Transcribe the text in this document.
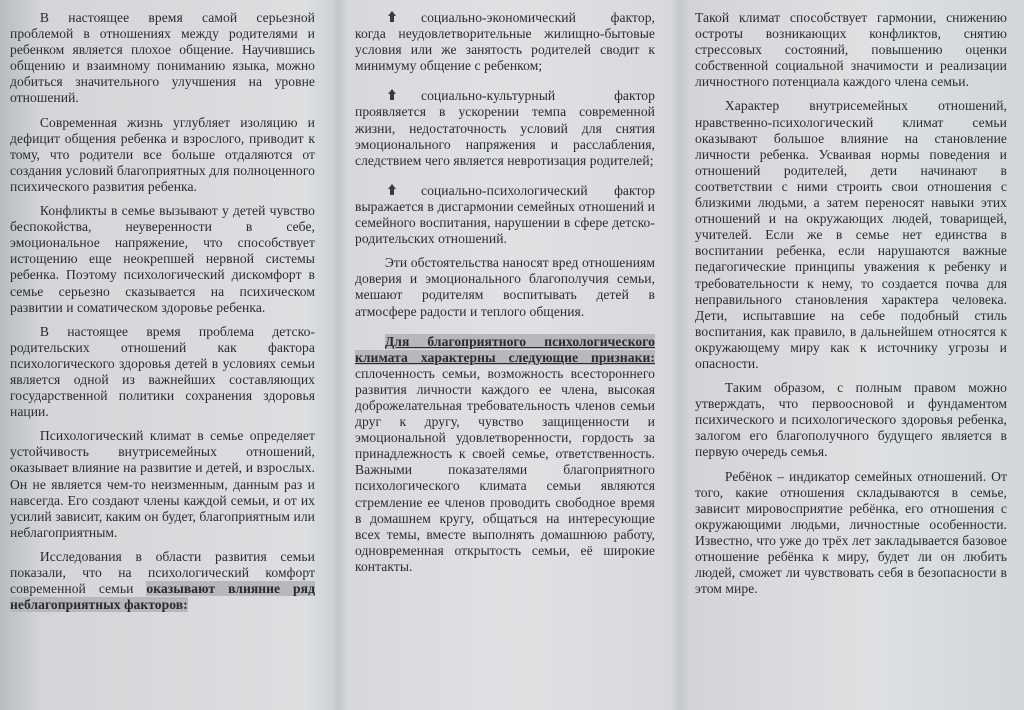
В настоящее время самой серьезной проблемой в отношениях между родителями и ребенком является плохое общение. Научившись общению и взаимному пониманию языка, можно добиться значительного улучшения на уровне отношений.

Современная жизнь углубляет изоляцию и дефицит общения ребенка и взрослого, приводит к тому, что родители все больше отдаляются от создания условий благоприятных для полноценного психического развития ребенка.

Конфликты в семье вызывают у детей чувство беспокойства, неуверенности в себе, эмоциональное напряжение, что способствует истощению еще неокрепшей нервной системы ребенка. Поэтому психологический дискомфорт в семье серьезно сказывается на психическом развитии и соматическом здоровье ребенка.

В настоящее время проблема детско-родительских отношений как фактора психологического здоровья детей в условиях семьи является одной из важнейших составляющих государственной политики сохранения здоровья нации.

Психологический климат в семье определяет устойчивость внутрисемейных отношений, оказывает влияние на развитие и детей, и взрослых. Он не является чем-то неизменным, данным раз и навсегда. Его создают члены каждой семьи, и от их усилий зависит, каким он будет, благоприятным или неблагоприятным.

Исследования в области развития семьи показали, что на психологический комфорт современной семьи оказывают влияние ряд неблагоприятных факторов:

социально-экономический фактор, когда неудовлетворительные жилищно-бытовые условия или же занятость родителей сводит к минимуму общение с ребенком;

социально-культурный фактор проявляется в ускорении темпа современной жизни, недостаточность условий для снятия эмоционального напряжения и расслабления, следствием чего является невротизация родителей;

социально-психологический фактор выражается в дисгармонии семейных отношений и семейного воспитания, нарушении в сфере детско-родительских отношений.

Эти обстоятельства наносят вред отношениям доверия и эмоционального благополучия семьи, мешают родителям воспитывать детей в атмосфере радости и теплого общения.

Для благоприятного психологического климата характерны следующие признаки: сплоченность семьи, возможность всестороннего развития личности каждого ее члена, высокая доброжелательная требовательность членов семьи друг к другу, чувство защищенности и эмоциональной удовлетворенности, гордость за принадлежность к своей семье, ответственность. Важными показателями благоприятного психологического климата семьи являются стремление ее членов проводить свободное время в домашнем кругу, общаться на интересующие всех темы, вместе выполнять домашнюю работу, одновременная открытость семьи, её широкие контакты.

Такой климат способствует гармонии, снижению остроты возникающих конфликтов, снятию стрессовых состояний, повышению оценки собственной социальной значимости и реализации личностного потенциала каждого члена семьи.

Характер внутрисемейных отношений, нравственно-психологический климат семьи оказывают большое влияние на становление личности ребенка. Усваивая нормы поведения и отношений родителей, дети начинают в соответствии с ними строить свои отношения с близкими людьми, а затем переносят навыки этих отношений и на окружающих людей, товарищей, учителей. Если же в семье нет единства в воспитании ребенка, если нарушаются важные педагогические принципы уважения к ребенку и требовательности к нему, то создается почва для неправильного становления характера человека. Дети, испытавшие на себе подобный стиль воспитания, как правило, в дальнейшем относятся к окружающему миру как к источнику угрозы и опасности.

Таким образом, с полным правом можно утверждать, что первоосновой и фундаментом психического и психологического здоровья ребенка, залогом его благополучного будущего является в первую очередь семья.

Ребёнок – индикатор семейных отношений. От того, какие отношения складываются в семье, зависит мировосприятие ребёнка, его отношения с окружающими людьми, личностные особенности. Известно, что уже до трёх лет закладывается базовое отношение ребёнка к миру, будет ли он любить людей, сможет ли чувствовать себя в безопасности в этом мире.
